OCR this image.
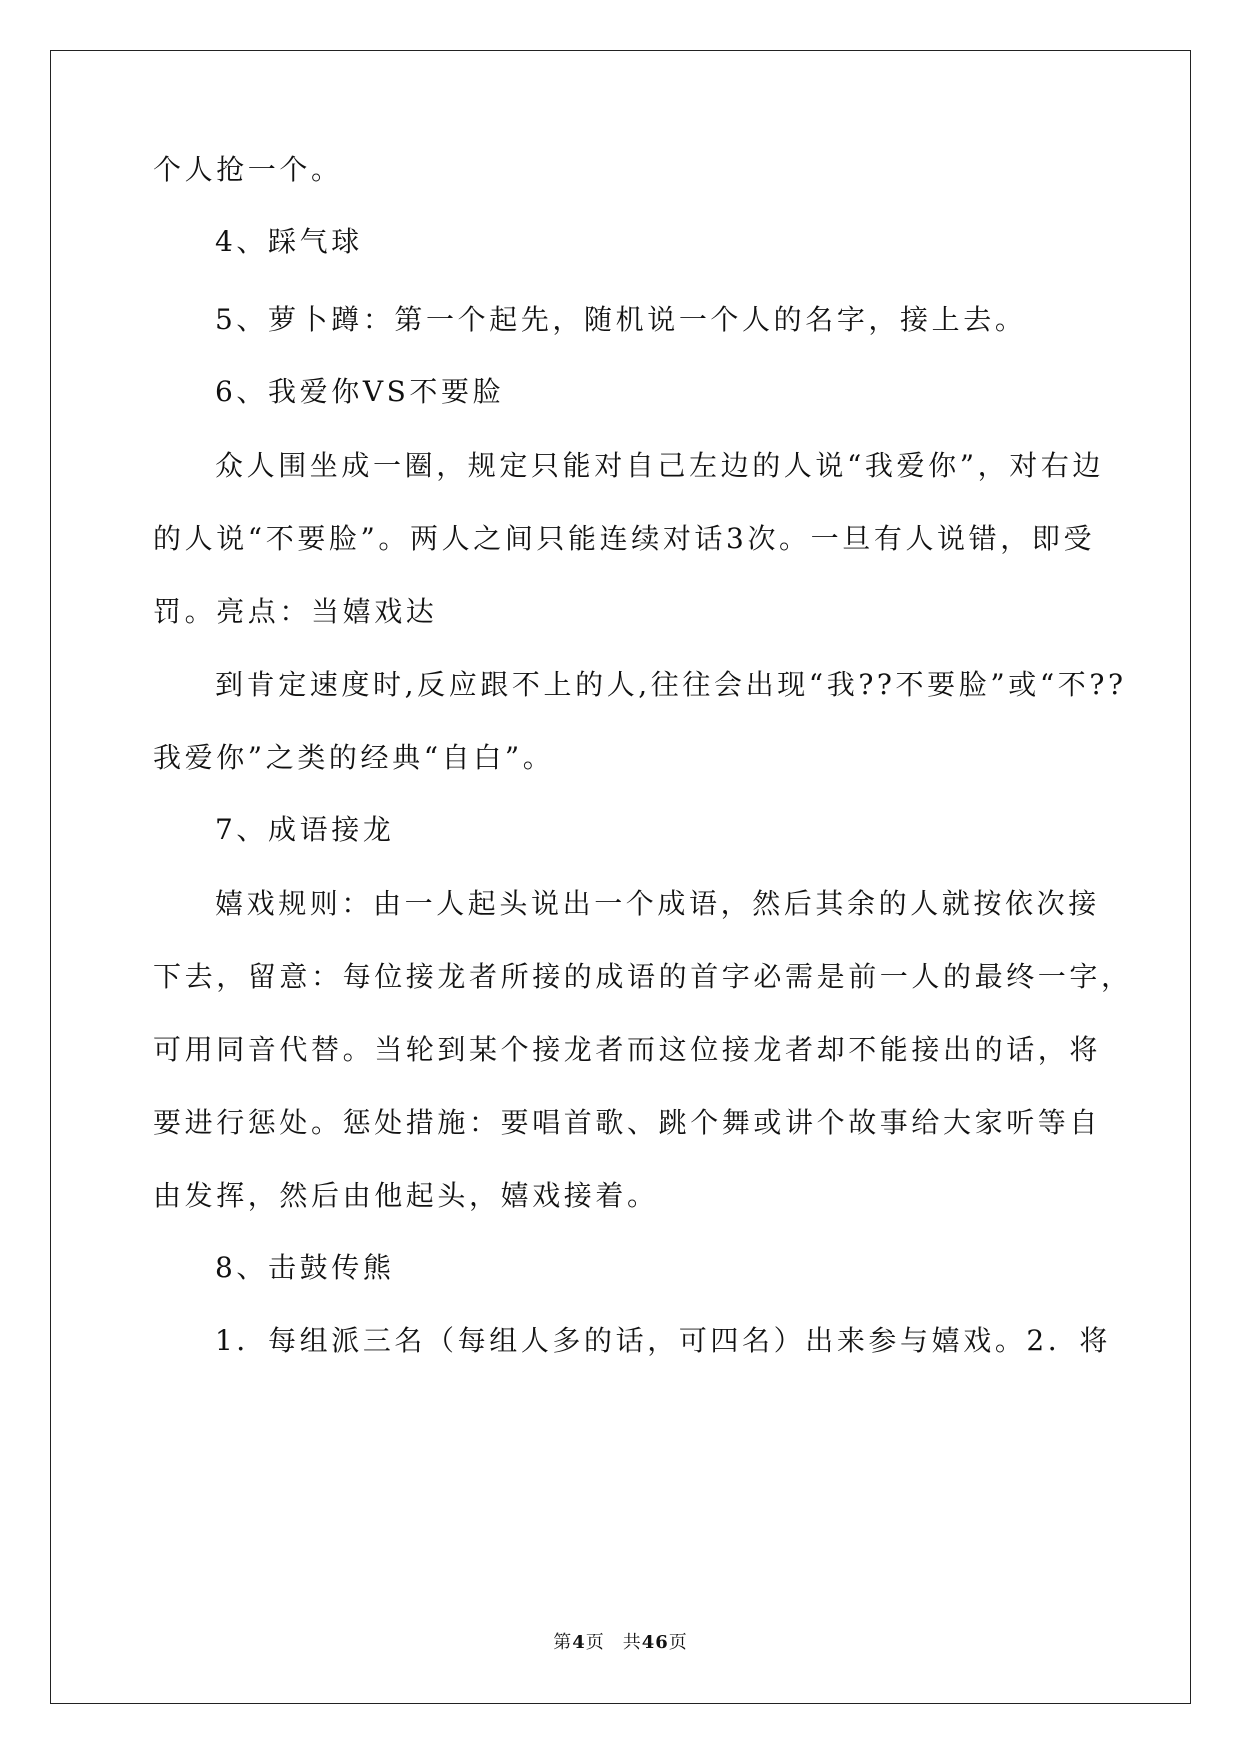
个人抢一个。
4、踩气球
5、萝卜蹲：第一个起先，随机说一个人的名字，接上去。
6、我爱你VS不要脸
众人围坐成一圈，规定只能对自己左边的人说“我爱你”，对右边
的人说“不要脸”。两人之间只能连续对话3次。一旦有人说错，即受
罚。亮点：当嬉戏达
到肯定速度时,反应跟不上的人,往往会出现“我??不要脸”或“不??
我爱你”之类的经典“自白”。
7、成语接龙
嬉戏规则：由一人起头说出一个成语，然后其余的人就按依次接
下去，留意：每位接龙者所接的成语的首字必需是前一人的最终一字，
可用同音代替。当轮到某个接龙者而这位接龙者却不能接出的话，将
要进行惩处。惩处措施：要唱首歌、跳个舞或讲个故事给大家听等自
由发挥，然后由他起头，嬉戏接着。
8、击鼓传熊
1．每组派三名（每组人多的话，可四名）出来参与嬉戏。2．将
第4页 共46页
